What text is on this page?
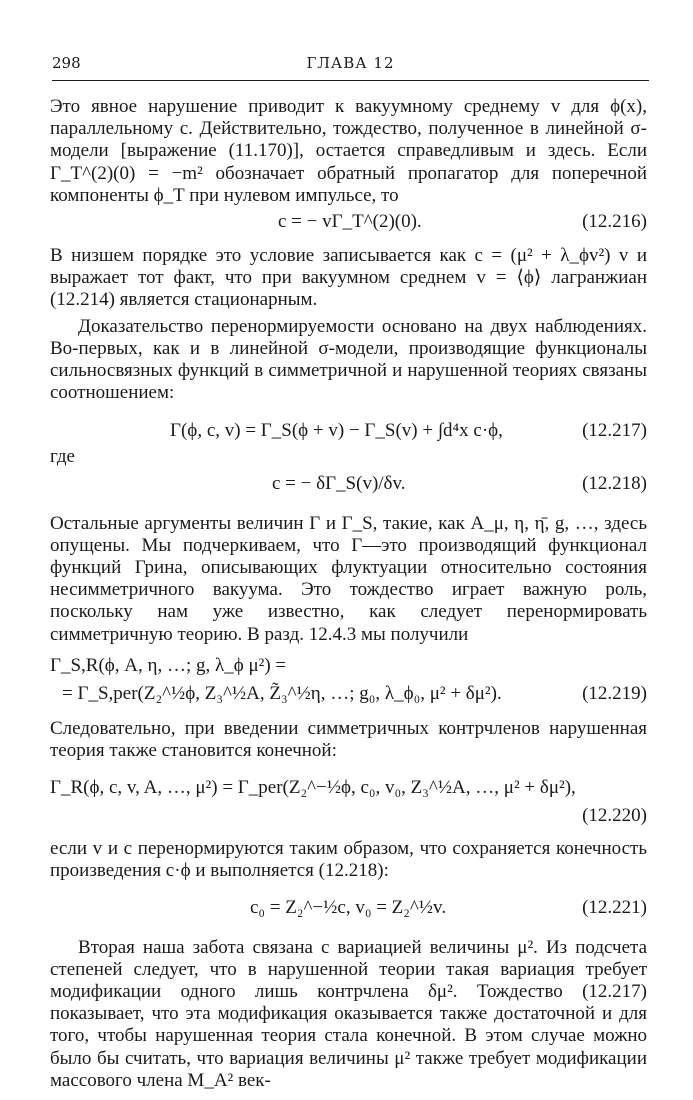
298	ГЛАВА 12

Это явное нарушение приводит к вакуумному среднему v для ϕ(x), параллельному c. Действительно, тождество, полученное в линейной σ-модели [выражение (11.170)], остается справедливым и здесь. Если Γ_T^(2)(0) = −m² обозначает обратный пропагатор для поперечной компоненты ϕ_T при нулевом импульсе, то

c = − vΓ_T^(2)(0).	(12.216)

В низшем порядке это условие записывается как c = (μ² + λ_ϕv²) v и выражает тот факт, что при вакуумном среднем v = ⟨ϕ⟩ лагранжиан (12.214) является стационарным.

Доказательство перенормируемости основано на двух наблюдениях. Во-первых, как и в линейной σ-модели, производящие функционалы сильносвязных функций в симметричной и нарушенной теориях связаны соотношением:

Γ(ϕ, c, v) = Γ_S(ϕ + v) − Γ_S(v) + ∫d⁴x c·ϕ,	(12.217)

где

c = − δΓ_S(v)/δv.	(12.218)

Остальные аргументы величин Γ и Γ_S, такие, как A_μ, η, η̄, g, …, здесь опущены. Мы подчеркиваем, что Γ—это производящий функционал функций Грина, описывающих флуктуации относительно состояния несимметричного вакуума. Это тождество играет важную роль, поскольку нам уже известно, как следует перенормировать симметричную теорию. В разд. 12.4.3 мы получили

Γ_S,R(ϕ, A, η, …; g, λ_ϕ μ²) =
= Γ_S,per(Z₂^½ϕ, Z₃^½A, Z̃₃^½η, …; g₀, λ_ϕ₀, μ² + δμ²).	(12.219)

Следовательно, при введении симметричных контрчленов нарушенная теория также становится конечной:

Γ_R(ϕ, c, v, A, …, μ²) = Γ_per(Z₂^−½ϕ, c₀, v₀, Z₃^½A, …, μ² + δμ²),
(12.220)

если v и c перенормируются таким образом, что сохраняется конечность произведения c·ϕ и выполняется (12.218):

c₀ = Z₂^−½c, v₀ = Z₂^½v.	(12.221)

Вторая наша забота связана с вариацией величины μ². Из подсчета степеней следует, что в нарушенной теории такая вариация требует модификации одного лишь контрчлена δμ². Тождество (12.217) показывает, что эта модификация оказывается также достаточной и для того, чтобы нарушенная теория стала конечной. В этом случае можно было бы считать, что вариация величины μ² также требует модификации массового члена M_A² век-
